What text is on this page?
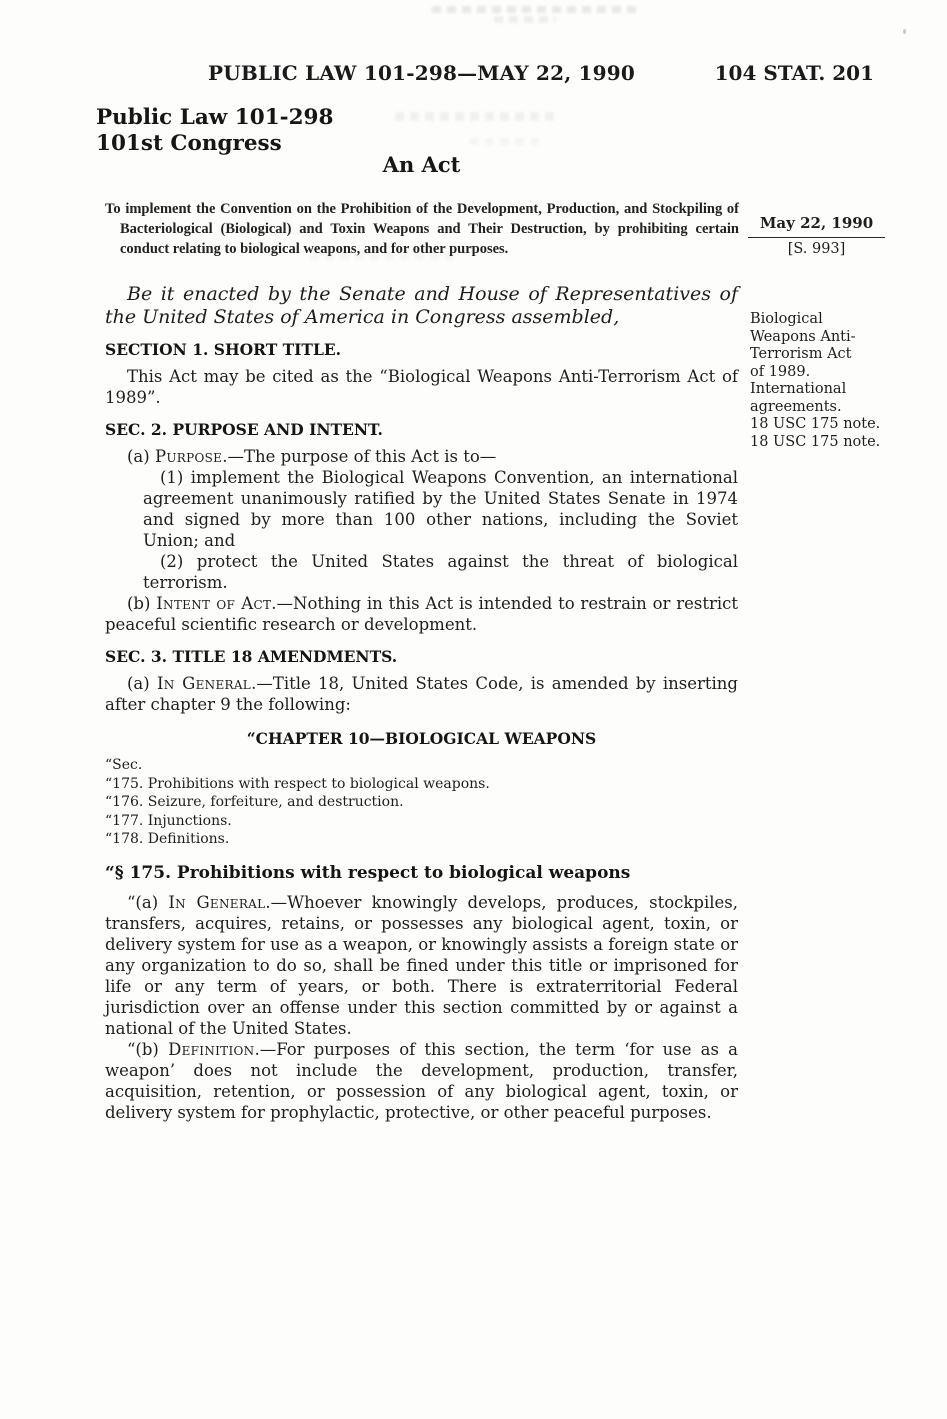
PUBLIC LAW 101-298—MAY 22, 1990	104 STAT. 201
Public Law 101-298
101st Congress
An Act
To implement the Convention on the Prohibition of the Development, Production, and Stockpiling of Bacteriological (Biological) and Toxin Weapons and Their Destruction, by prohibiting certain conduct relating to biological weapons, and for other purposes.
Be it enacted by the Senate and House of Representatives of the United States of America in Congress assembled,
SECTION 1. SHORT TITLE.
This Act may be cited as the “Biological Weapons Anti-Terrorism Act of 1989”.
SEC. 2. PURPOSE AND INTENT.
(a) Purpose.—The purpose of this Act is to—
(1) implement the Biological Weapons Convention, an international agreement unanimously ratified by the United States Senate in 1974 and signed by more than 100 other nations, including the Soviet Union; and
(2) protect the United States against the threat of biological terrorism.
(b) Intent of Act.—Nothing in this Act is intended to restrain or restrict peaceful scientific research or development.
SEC. 3. TITLE 18 AMENDMENTS.
(a) In General.—Title 18, United States Code, is amended by inserting after chapter 9 the following:
“CHAPTER 10—BIOLOGICAL WEAPONS
“Sec.
“175. Prohibitions with respect to biological weapons.
“176. Seizure, forfeiture, and destruction.
“177. Injunctions.
“178. Definitions.
“§ 175. Prohibitions with respect to biological weapons
“(a) In General.—Whoever knowingly develops, produces, stockpiles, transfers, acquires, retains, or possesses any biological agent, toxin, or delivery system for use as a weapon, or knowingly assists a foreign state or any organization to do so, shall be fined under this title or imprisoned for life or any term of years, or both. There is extraterritorial Federal jurisdiction over an offense under this section committed by or against a national of the United States.
“(b) Definition.—For purposes of this section, the term ‘for use as a weapon’ does not include the development, production, transfer, acquisition, retention, or possession of any biological agent, toxin, or delivery system for prophylactic, protective, or other peaceful purposes.
May 22, 1990
[S. 993]
Biological
Weapons Anti-
Terrorism Act
of 1989.
International
agreements.
18 USC 175 note.
18 USC 175 note.
